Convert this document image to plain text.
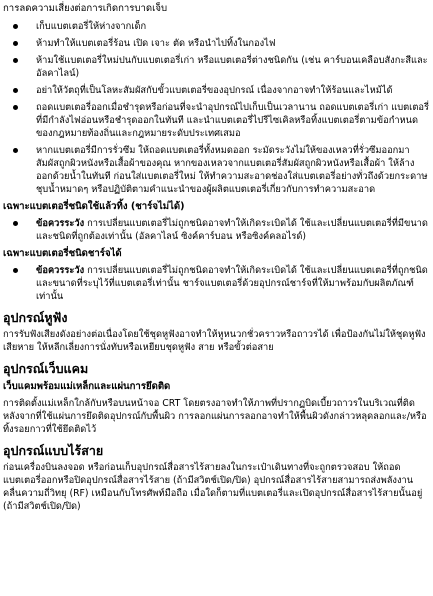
การลดความเสี่ยงต่อการเกิดการบาดเจ็บ
เก็บแบตเตอรี่ให้ห่างจากเด็ก
ห้ามทำให้แบตเตอรี่ร้อน เปิด เจาะ ตัด หรือนำไปทิ้งในกองไฟ
ห้ามใช้แบตเตอรี่ใหม่ปนกับแบตเตอรี่เก่า หรือแบตเตอรี่ต่างชนิดกัน (เช่น คาร์บอนเคลือบสังกะสีและอัลคาไลน์)
อย่าให้วัตถุที่เป็นโลหะสัมผัสกับขั้วแบตเตอรี่ของอุปกรณ์ เนื่องจากอาจทำให้ร้อนและไหม้ได้
ถอดแบตเตอรี่ออกเมื่อชำรุดหรือก่อนที่จะนำอุปกรณ์ไปเก็บเป็นเวลานาน ถอดแบตเตอรี่เก่า แบตเตอรี่ที่มีกำลังไฟอ่อนหรือชำรุดออกในทันที และนำแบตเตอรี่ไปรีไซเคิลหรือทิ้งแบตเตอรี่ตามข้อกำหนดของกฎหมายท้องถิ่นและกฎหมายระดับประเทศเสมอ
หากแบตเตอรี่มีการรั่วซึม ให้ถอดแบตเตอรี่ทั้งหมดออก ระมัดระวังไม่ให้ของเหลวที่รั่วซึมออกมาสัมผัสถูกผิวหนังหรือเสื้อผ้าของคุณ หากของเหลวจากแบตเตอรี่สัมผัสถูกผิวหนังหรือเสื้อผ้า ให้ล้างออกด้วยน้ำในทันที ก่อนใส่แบตเตอรี่ใหม่ ให้ทำความสะอาดช่องใส่แบตเตอรี่อย่างทั่วถึงด้วยกระดาษชุบน้ำหมาดๆ หรือปฏิบัติตามคำแนะนำของผู้ผลิตแบตเตอรี่เกี่ยวกับการทำความสะอาด
เฉพาะแบตเตอรี่ชนิดใช้แล้วทิ้ง (ชาร์จไม่ได้)
ข้อควรระวัง การเปลี่ยนแบตเตอรี่ไม่ถูกชนิดอาจทำให้เกิดระเบิดได้ ใช้และเปลี่ยนแบตเตอรี่ที่มีขนาดและชนิดที่ถูกต้องเท่านั้น (อัลคาไลน์ ซิงค์คาร์บอน หรือซิงค์คลอไรด์)
เฉพาะแบตเตอรี่ชนิดชาร์จได้
ข้อควรระวัง การเปลี่ยนแบตเตอรี่ไม่ถูกชนิดอาจทำให้เกิดระเบิดได้ ใช้และเปลี่ยนแบตเตอรี่ที่ถูกชนิดและขนาดที่ระบุไว้ที่แบตเตอรี่เท่านั้น ชาร์จแบตเตอรี่ด้วยอุปกรณ์ชาร์จที่ให้มาพร้อมกับผลิตภัณฑ์เท่านั้น
อุปกรณ์หูฟัง
การรับฟังเสียงดังอย่างต่อเนื่องโดยใช้ชุดหูฟังอาจทำให้หูหนวกชั่วคราวหรือถาวรได้ เพื่อป้องกันไม่ให้ชุดหูฟังเสียหาย ให้หลีกเลี่ยงการนั่งทับหรือเหยียบชุดหูฟัง สาย หรือขั้วต่อสาย
อุปกรณ์เว็บแคม
เว็บแคมพร้อมแม่เหล็กและแผ่นการยึดติด
การติดตั้งแม่เหล็กใกล้กับหรือบนหน้าจอ CRT โดยตรงอาจทำให้ภาพที่ปรากฏบิดเบี้ยวถาวรในบริเวณที่ติด หลังจากที่ใช้แผ่นการยึดติดอุปกรณ์กับพื้นผิว การลอกแผ่นการลอกอาจทำให้พื้นผิวดังกล่าวหลุดลอกและ/หรือทิ้งรอยกาวที่ใช้ยึดติดไว้
อุปกรณ์แบบไร้สาย
ก่อนเครื่องบินลงจอด หรือก่อนเก็บอุปกรณ์สื่อสารไร้สายลงในกระเป๋าเดินทางที่จะถูกตรวจสอบ ให้ถอดแบตเตอรี่ออกหรือปิดอุปกรณ์สื่อสารไร้สาย (ถ้ามีสวิตช์เปิด/ปิด) อุปกรณ์สื่อสารไร้สายสามารถส่งพลังงานคลื่นความถี่วิทยุ (RF) เหมือนกับโทรศัพท์มือถือ เมื่อใดก็ตามที่แบตเตอรี่และเปิดอุปกรณ์สื่อสารไร้สายนั้นอยู่ (ถ้ามีสวิตช์เปิด/ปิด)
